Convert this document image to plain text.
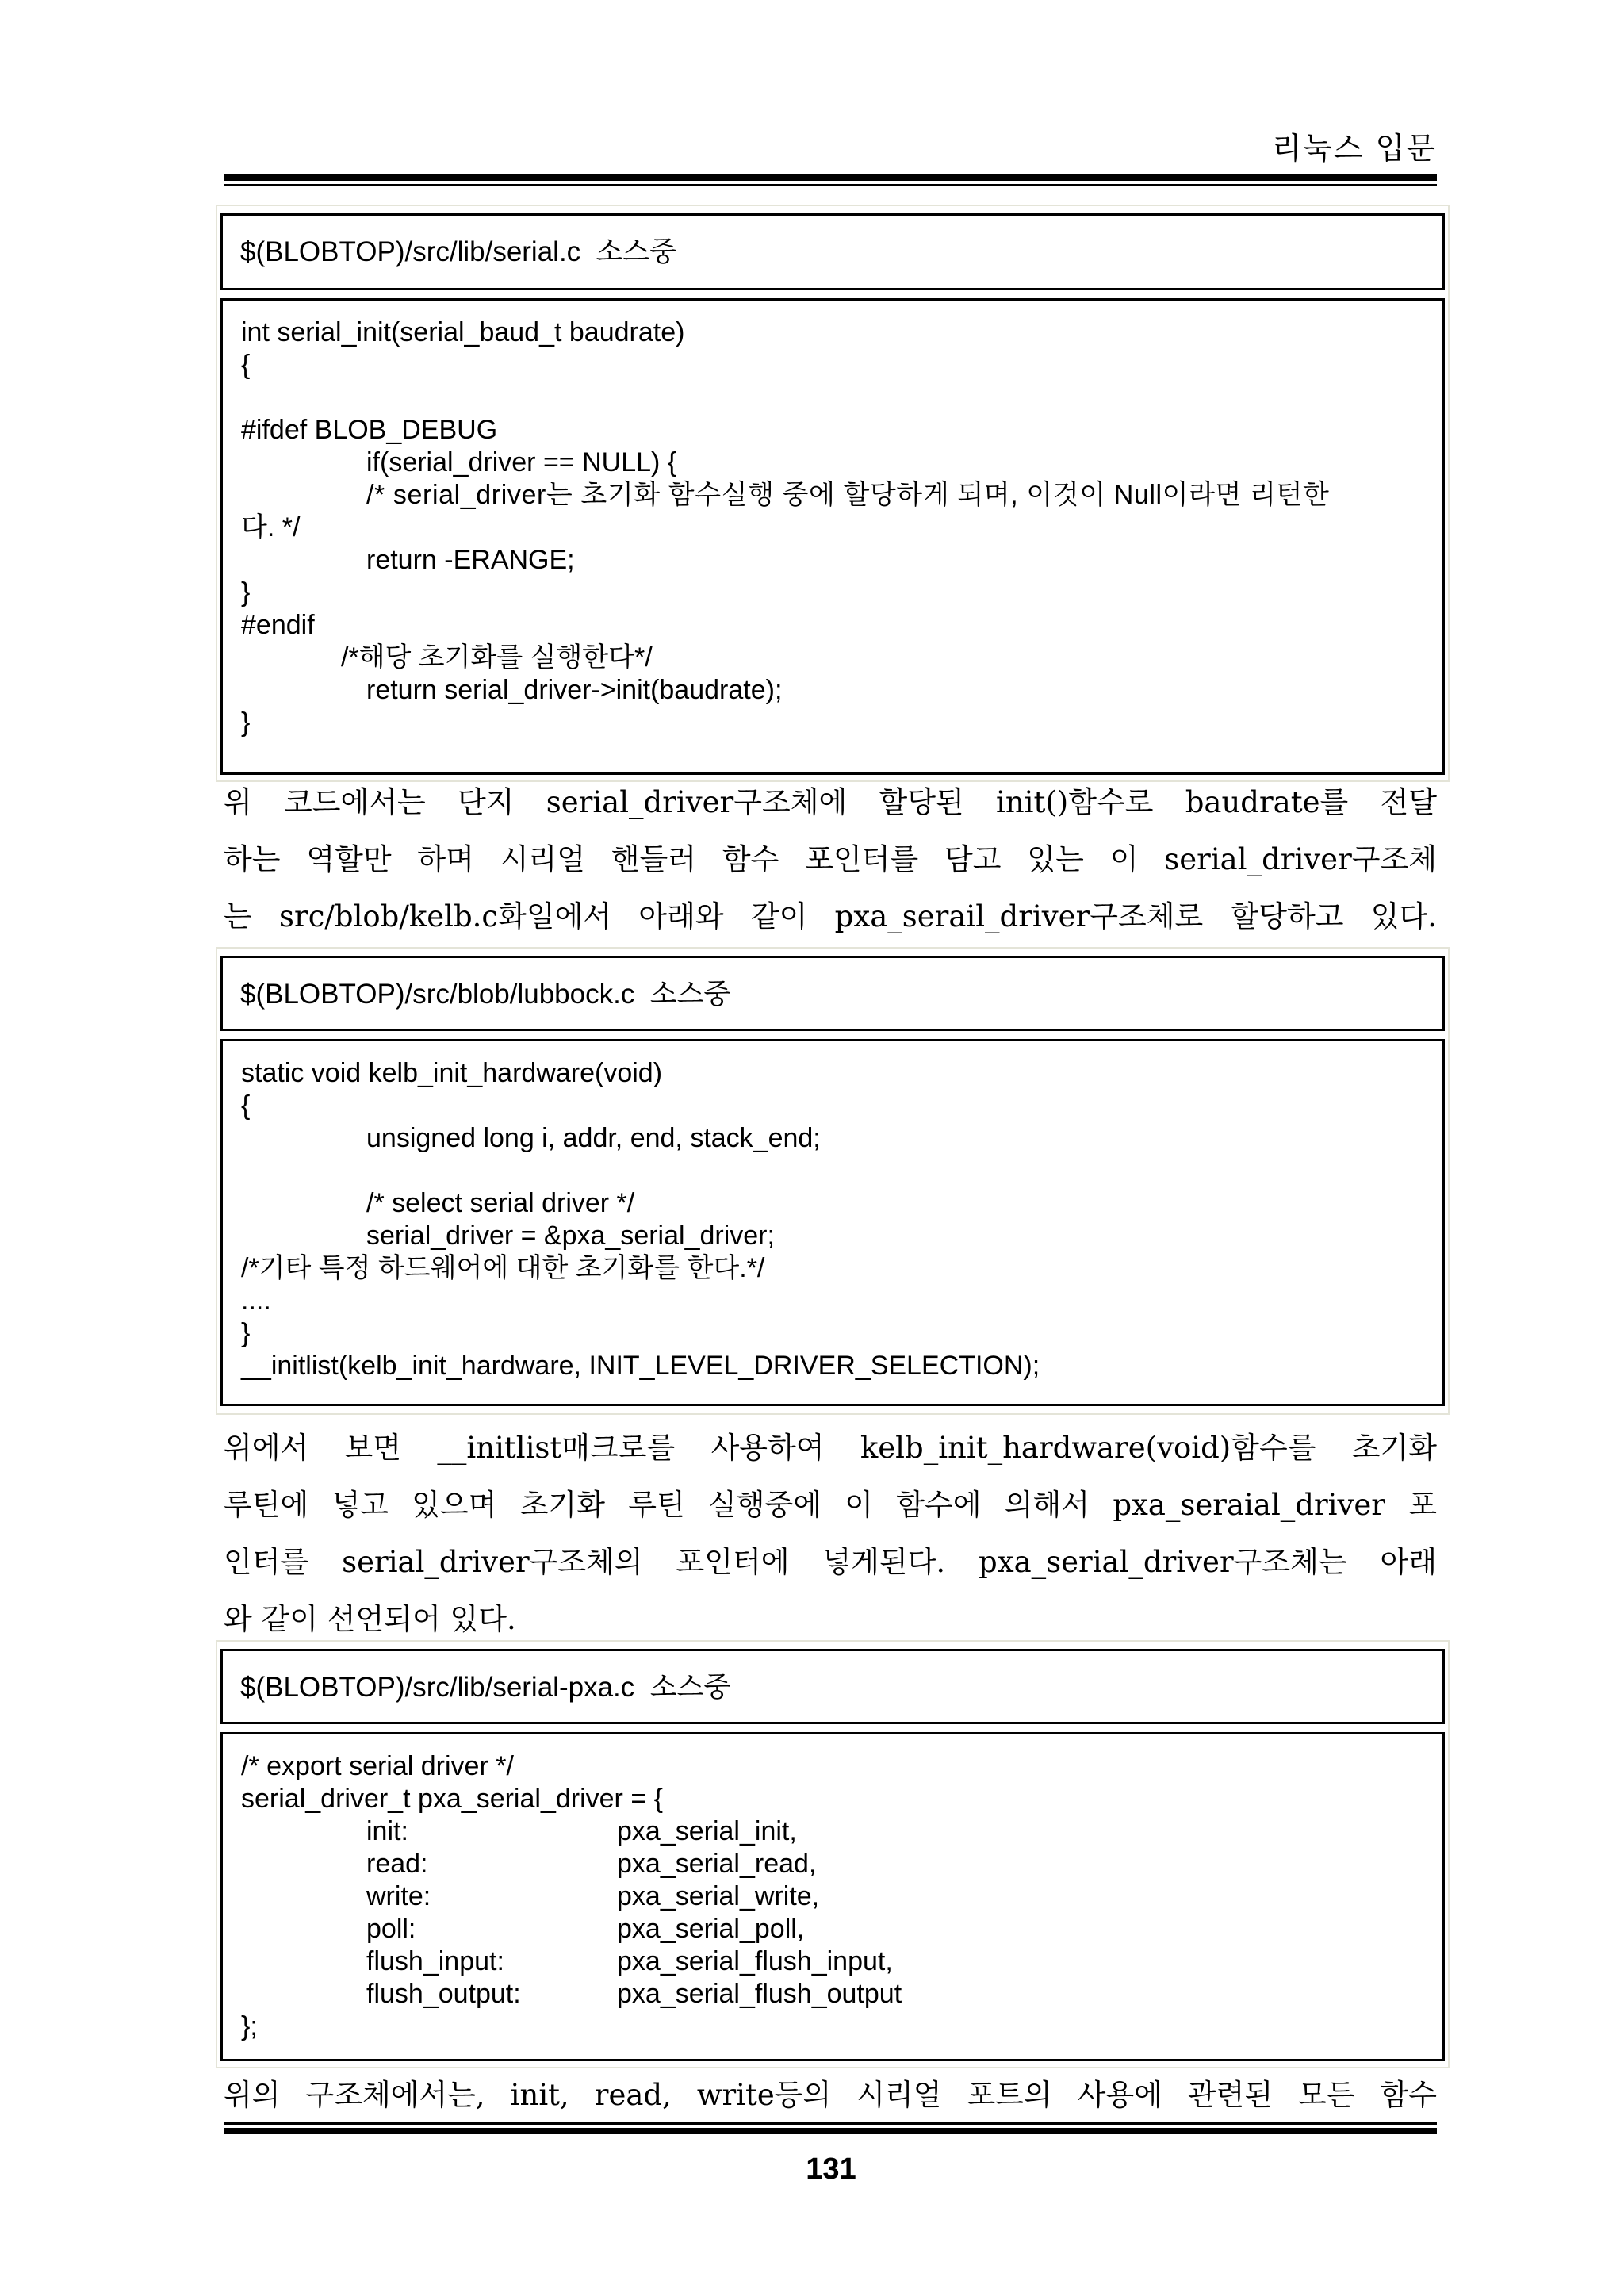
리눅스 입문
$(BLOBTOP)/src/lib/serial.c  소스중
int serial_init(serial_baud_t baudrate)
{
#ifdef BLOB_DEBUG
if(serial_driver == NULL) {
/* serial_driver는 초기화 함수실행 중에 할당하게 되며, 이것이 Null이라면 리턴한
다. */
return -ERANGE;
}
#endif
/*해당 초기화를 실행한다*/
return serial_driver->init(baudrate);
}
위 코드에서는 단지 serial_driver구조체에 할당된 init()함수로 baudrate를 전달
하는 역할만 하며 시리얼 핸들러 함수 포인터를 담고 있는 이 serial_driver구조체
는 src/blob/kelb.c화일에서 아래와 같이 pxa_serail_driver구조체로 할당하고 있다.
$(BLOBTOP)/src/blob/lubbock.c  소스중
static void kelb_init_hardware(void)
{
unsigned long i, addr, end, stack_end;
/* select serial driver */
serial_driver = &pxa_serial_driver;
/*기타 특정 하드웨어에 대한 초기화를 한다.*/
....
}
__initlist(kelb_init_hardware, INIT_LEVEL_DRIVER_SELECTION);
위에서 보면 __initlist매크로를 사용하여 kelb_init_hardware(void)함수를 초기화
루틴에 넣고 있으며 초기화 루틴 실행중에 이 함수에 의해서 pxa_seraial_driver 포
인터를 serial_driver구조체의 포인터에 넣게된다. pxa_serial_driver구조체는 아래
와 같이 선언되어 있다.
$(BLOBTOP)/src/lib/serial-pxa.c  소스중
/* export serial driver */
serial_driver_t pxa_serial_driver = {
init:	pxa_serial_init,
read:	pxa_serial_read,
write:	pxa_serial_write,
poll:	pxa_serial_poll,
flush_input:	pxa_serial_flush_input,
flush_output:	pxa_serial_flush_output
};
위의 구조체에서는, init, read, write등의 시리얼 포트의 사용에 관련된 모든 함수
131
